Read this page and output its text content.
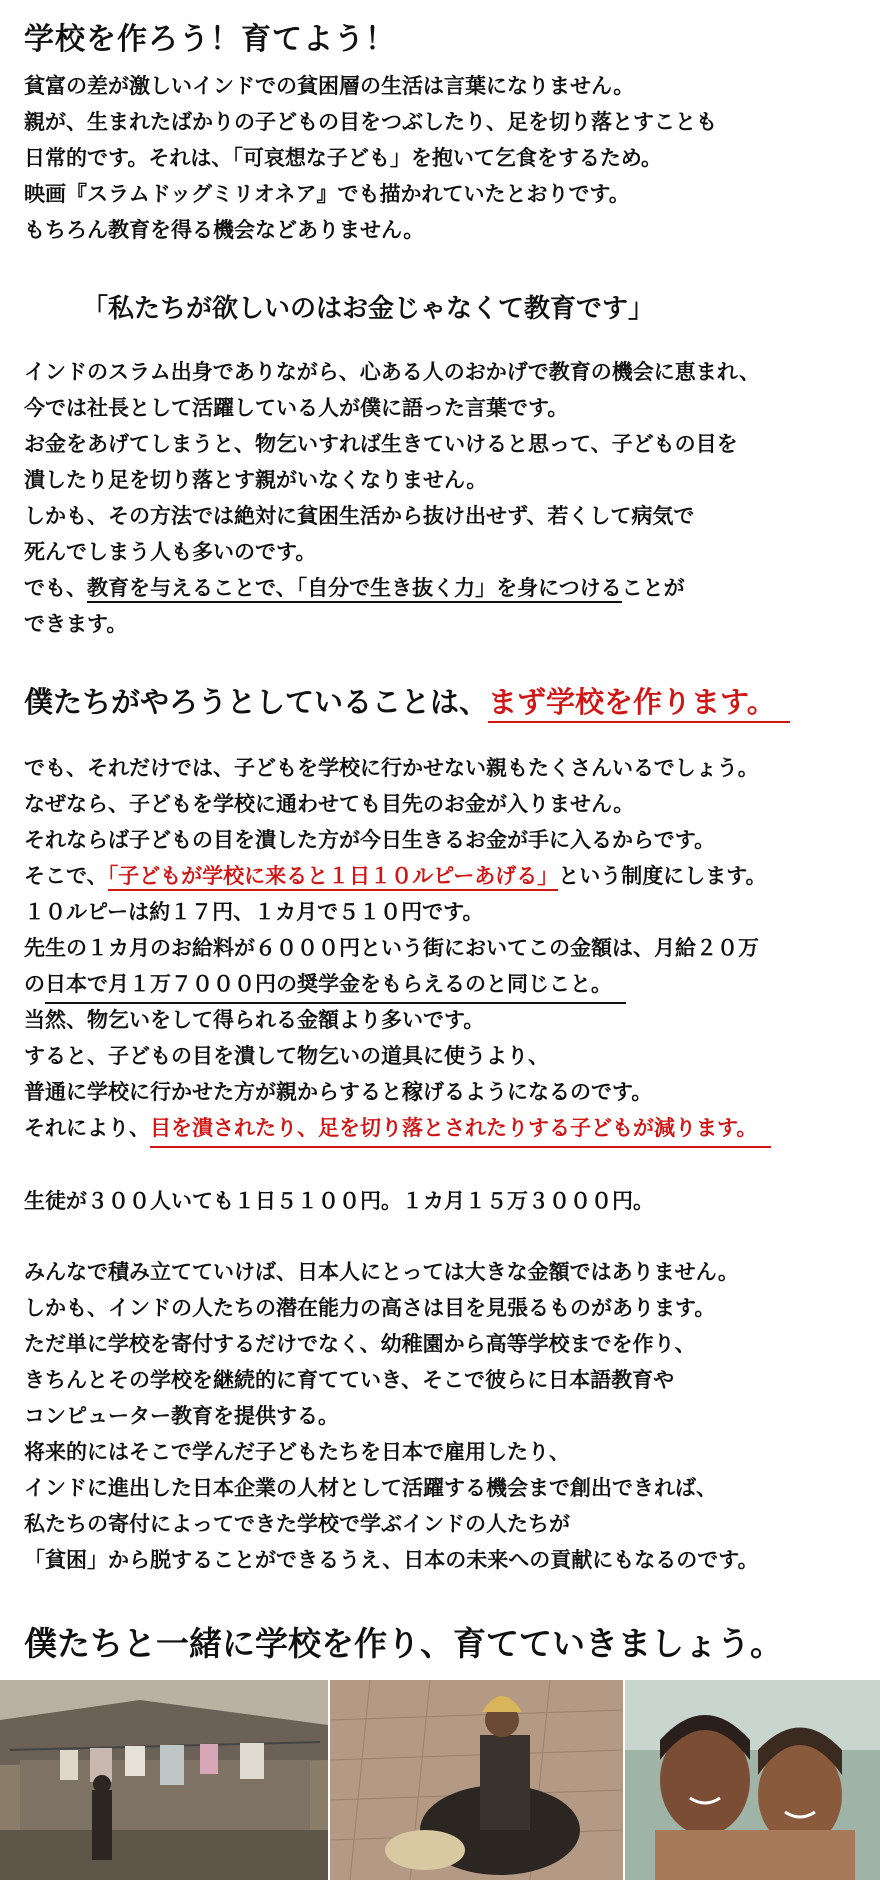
学校を作ろう！育てよう！
貧富の差が激しいインドでの貧困層の生活は言葉になりません。
親が、生まれたばかりの子どもの目をつぶしたり、足を切り落とすことも
日常的です。それは、「可哀想な子ども」を抱いて乞食をするため。
映画『スラムドッグミリオネア』でも描かれていたとおりです。
もちろん教育を得る機会などありません。
「私たちが欲しいのはお金じゃなくて教育です」
インドのスラム出身でありながら、心ある人のおかげで教育の機会に恵まれ、
今では社長として活躍している人が僕に語った言葉です。
お金をあげてしまうと、物乞いすれば生きていけると思って、子どもの目を
潰したり足を切り落とす親がいなくなりません。
しかも、その方法では絶対に貧困生活から抜け出せず、若くして病気で
死んでしまう人も多いのです。
でも、教育を与えることで、「自分で生き抜く力」を身につけることが
できます。
僕たちがやろうとしていることは、まず学校を作ります。
でも、それだけでは、子どもを学校に行かせない親もたくさんいるでしょう。
なぜなら、子どもを学校に通わせても目先のお金が入りません。
それならば子どもの目を潰した方が今日生きるお金が手に入るからです。
そこで、「子どもが学校に来ると１日１０ルピーあげる」という制度にします。
１０ルピーは約１７円、１カ月で５１０円です。
先生の１カ月のお給料が６０００円という街においてこの金額は、月給２０万
の日本で月１万７０００円の奨学金をもらえるのと同じこと。
当然、物乞いをして得られる金額より多いです。
すると、子どもの目を潰して物乞いの道具に使うより、
普通に学校に行かせた方が親からすると稼げるようになるのです。
それにより、目を潰されたり、足を切り落とされたりする子どもが減ります。
生徒が３００人いても１日５１００円。１カ月１５万３０００円。
みんなで積み立てていけば、日本人にとっては大きな金額ではありません。
しかも、インドの人たちの潜在能力の高さは目を見張るものがあります。
ただ単に学校を寄付するだけでなく、幼稚園から高等学校までを作り、
きちんとその学校を継続的に育てていき、そこで彼らに日本語教育や
コンピューター教育を提供する。
将来的にはそこで学んだ子どもたちを日本で雇用したり、
インドに進出した日本企業の人材として活躍する機会まで創出できれば、
私たちの寄付によってできた学校で学ぶインドの人たちが
「貧困」から脱することができるうえ、日本の未来への貢献にもなるのです。
僕たちと一緒に学校を作り、育てていきましょう。
